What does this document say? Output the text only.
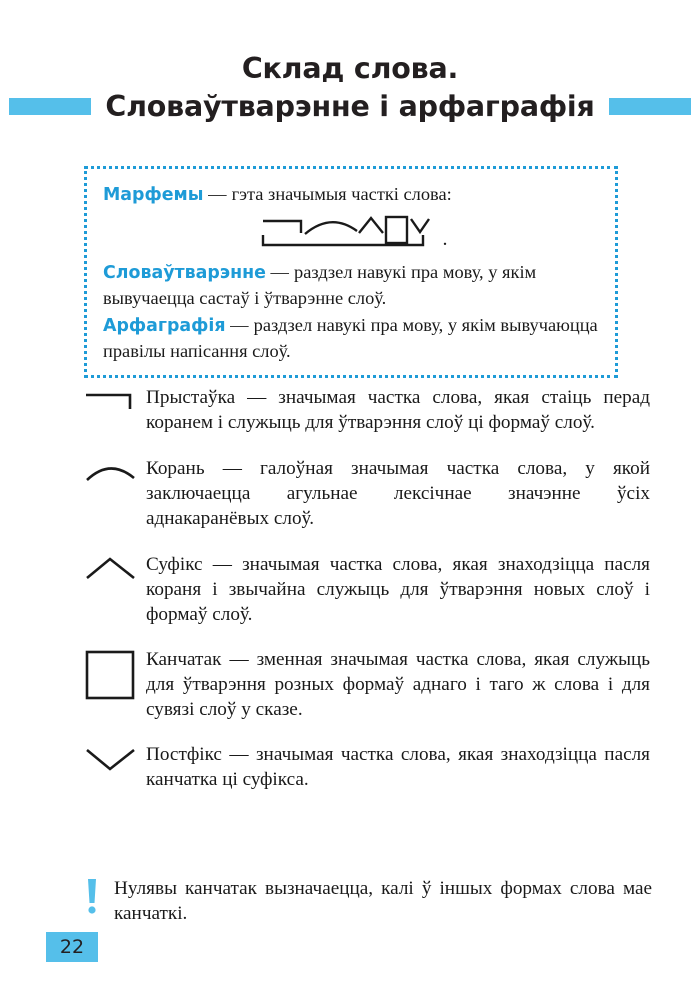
Склад слова.
Словаўтварэнне і арфаграфія

Марфемы — гэта значымыя часткі слова:

.

Словаўтварэнне — раздзел навукі пра мову, у якім вывучаецца састаў і ўтварэнне слоў.

Арфаграфія — раздзел навукі пра мову, у якім вывучаюцца правілы напісання слоў.

Прыстаўка — значымая частка слова, якая стаіць перад коранем і служыць для ўтварэння слоў ці формаў слоў.
Корань — галоўная значымая частка слова, у якой заключаецца агульнае лексічнае значэнне ўсіх аднакаранёвых слоў.
Суфікс — значымая частка слова, якая знаходзіцца пасля кораня і звычайна служыць для ўтварэння новых слоў і формаў слоў.
Канчатак — зменная значымая частка слова, якая служыць для ўтварэння розных формаў аднаго і таго ж слова і для сувязі слоў у сказе.
Постфікс — значымая частка слова, якая знаходзіцца пасля канчатка ці суфікса.
Нулявы канчатак вызначаецца, калі ў іншых формах слова мае канчаткі.
22
